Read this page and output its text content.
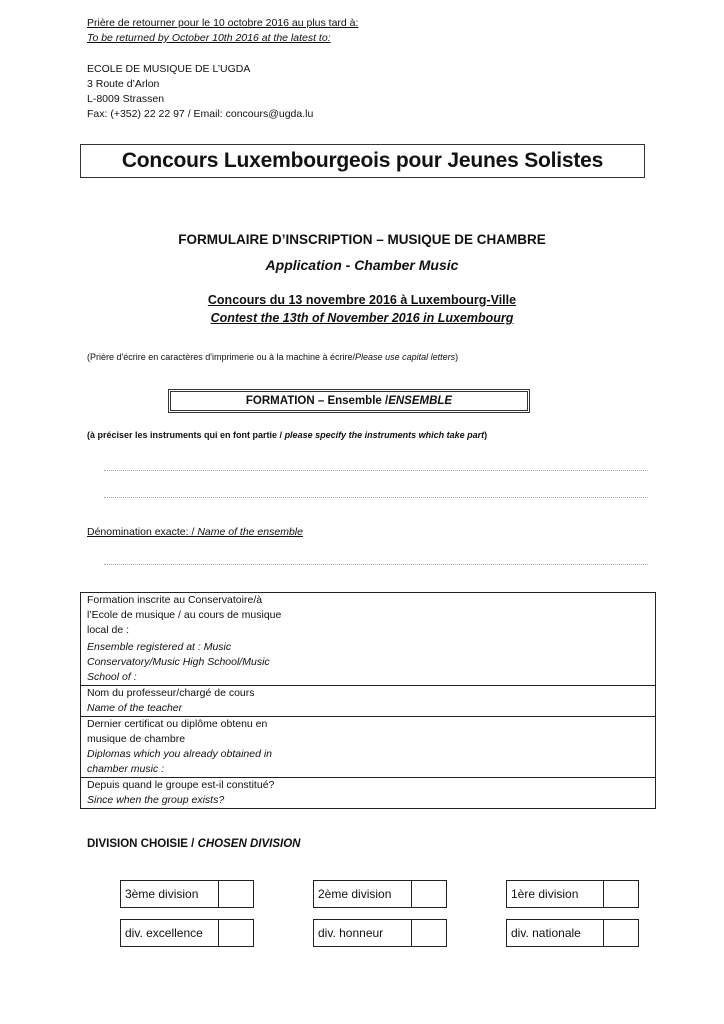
Prière de retourner pour le 10 octobre 2016 au plus tard à:
To be returned by October 10th 2016 at the latest to:
ECOLE DE MUSIQUE DE L’UGDA
3 Route d’Arlon
L-8009 Strassen
Fax: (+352) 22 22 97 / Email: concours@ugda.lu
Concours Luxembourgeois pour Jeunes Solistes
FORMULAIRE D’INSCRIPTION – MUSIQUE DE CHAMBRE
Application - Chamber Music
Concours du 13 novembre 2016 à Luxembourg-Ville
Contest the 13th of November 2016 in Luxembourg
(Prière d'écrire en caractères d'imprimerie ou à la machine à écrire/Please use capital letters)
FORMATION – Ensemble / ENSEMBLE
(à préciser les instruments qui en font partie / please specify the instruments which take part)
Dénomination exacte: / Name of the ensemble
Formation inscrite au Conservatoire/à l’Ecole de musique / au cours de musique local de :
Ensemble registered at : Music Conservatory/Music High School/Music School of :	

Nom du professeur/chargé de cours
Name of the teacher	

Dernier certificat ou diplôme obtenu en musique de chambre
Diplomas which you already obtained in chamber music :	

Depuis quand le groupe est-il constitué?
Since when the group exists?	

DIVISION CHOISIE / CHOSEN DIVISION
3ème division	2ème division	1ère division
div. excellence	div. honneur	div. nationale
